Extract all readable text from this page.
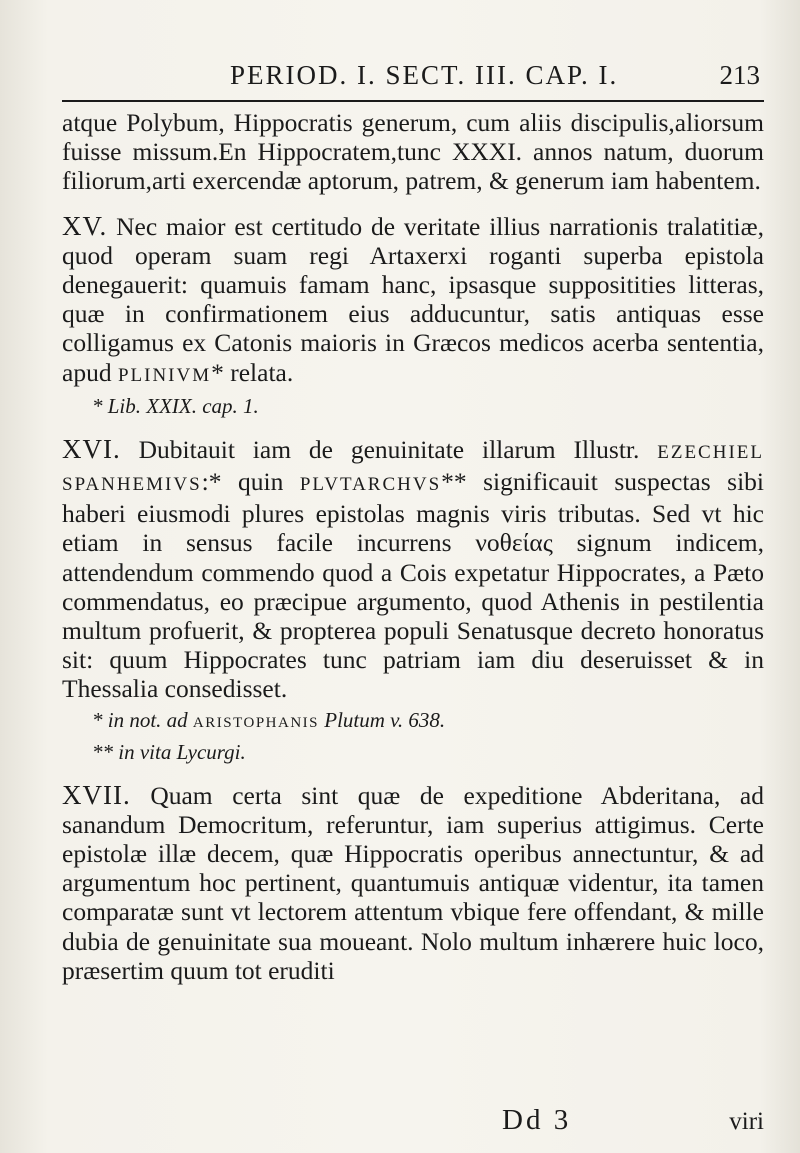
PERIOD. I. SECT. III. CAP. I.	213

atque Polybum, Hippocratis generum, cum aliis discipulis,aliorsum fuisse missum.En Hippocratem,tunc XXXI. annos natum, duorum filiorum,arti exercendæ aptorum, patrem, & generum iam habentem.

XV. Nec maior est certitudo de veritate illius narrationis tralatitiæ, quod operam suam regi Artaxerxi roganti superba epistola denegauerit: quamuis famam hanc, ipsasque suppositities litteras, quæ in confirmationem eius adducuntur, satis antiquas esse colligamus ex Catonis maioris in Græcos medicos acerba sententia, apud PLINIVM* relata.

* Lib. XXIX. cap. 1.

XVI. Dubitauit iam de genuinitate illarum Illustr. EZECHIEL SPANHEMIVS:* quin PLVTARCHVS** significauit suspectas sibi haberi eiusmodi plures epistolas magnis viris tributas. Sed vt hic etiam in sensus facile incurrens νοθείας signum indicem, attendendum commendo quod a Cois expetatur Hippocrates, a Pæto commendatus, eo præcipue argumento, quod Athenis in pestilentia multum profuerit, & propterea populi Senatusque decreto honoratus sit: quum Hippocrates tunc patriam iam diu deseruisset & in Thessalia consedisset.

* in not. ad ARISTOPHANIS Plutum v. 638.
** in vita Lycurgi.

XVII. Quam certa sint quæ de expeditione Abderitana, ad sanandum Democritum, referuntur, iam superius attigimus. Certe epistolæ illæ decem, quæ Hippocratis operibus annectuntur, & ad argumentum hoc pertinent, quantumuis antiquæ videntur, ita tamen comparatæ sunt vt lectorem attentum vbique fere offendant, & mille dubia de genuinitate sua moueant. Nolo multum inhærere huic loco, præsertim quum tot eruditi

Dd 3	viri
